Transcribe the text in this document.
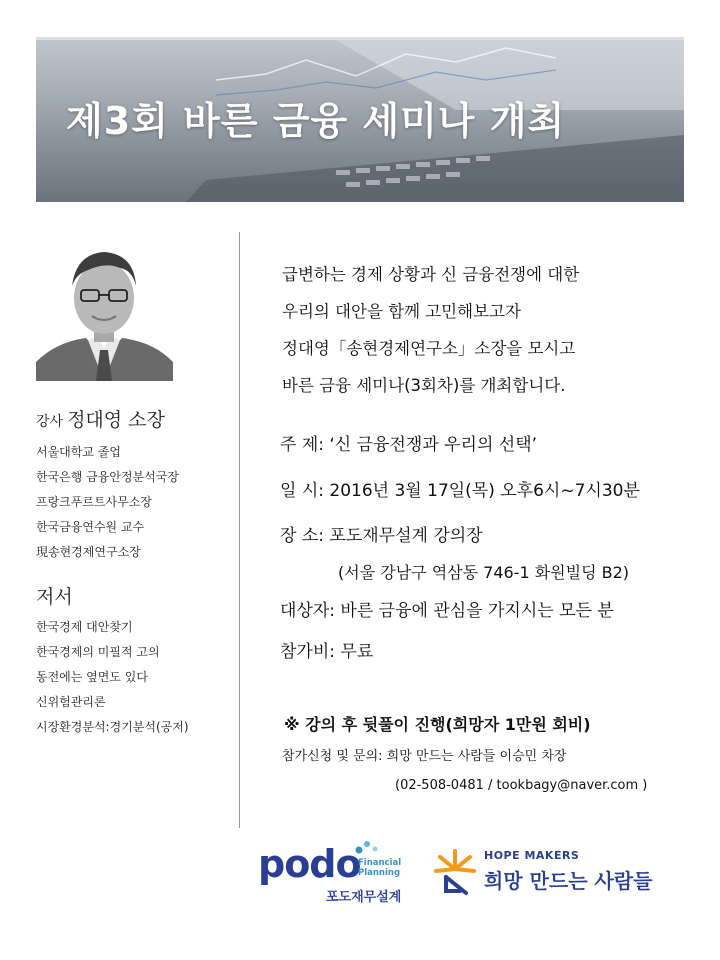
제3회 바른 금융 세미나 개최
강사 정대영 소장
서울대학교 졸업
한국은행 금융안정분석국장
프랑크푸르트사무소장
한국금융연수원 교수
現송현경제연구소장
저서
한국경제 대안찾기
한국경제의 미필적 고의
동전에는 옆면도 있다
신위험관리론
시장환경분석:경기분석(공저)
급변하는 경제 상황과 신 금융전쟁에 대한
우리의 대안을 함께 고민해보고자
정대영「송현경제연구소」소장을 모시고
바른 금융 세미나(3회차)를 개최합니다.
주 제: ‘신 금융전쟁과 우리의 선택’
일 시: 2016년 3월 17일(목) 오후6시~7시30분
장 소: 포도재무설계 강의장
대상자: 바른 금융에 관심을 가지시는 모든 분
참가비: 무료
(서울 강남구 역삼동 746-1 화원빌딩 B2)
※ 강의 후 뒷풀이 진행(희망자 1만원 회비)
참가신청 및 문의: 희망 만드는 사람들 이승민 차장
(02-508-0481 / tookbagy@naver.com )
podo
Financial
Planning
포도재무설계
HOPE MAKERS
희망 만드는 사람들
